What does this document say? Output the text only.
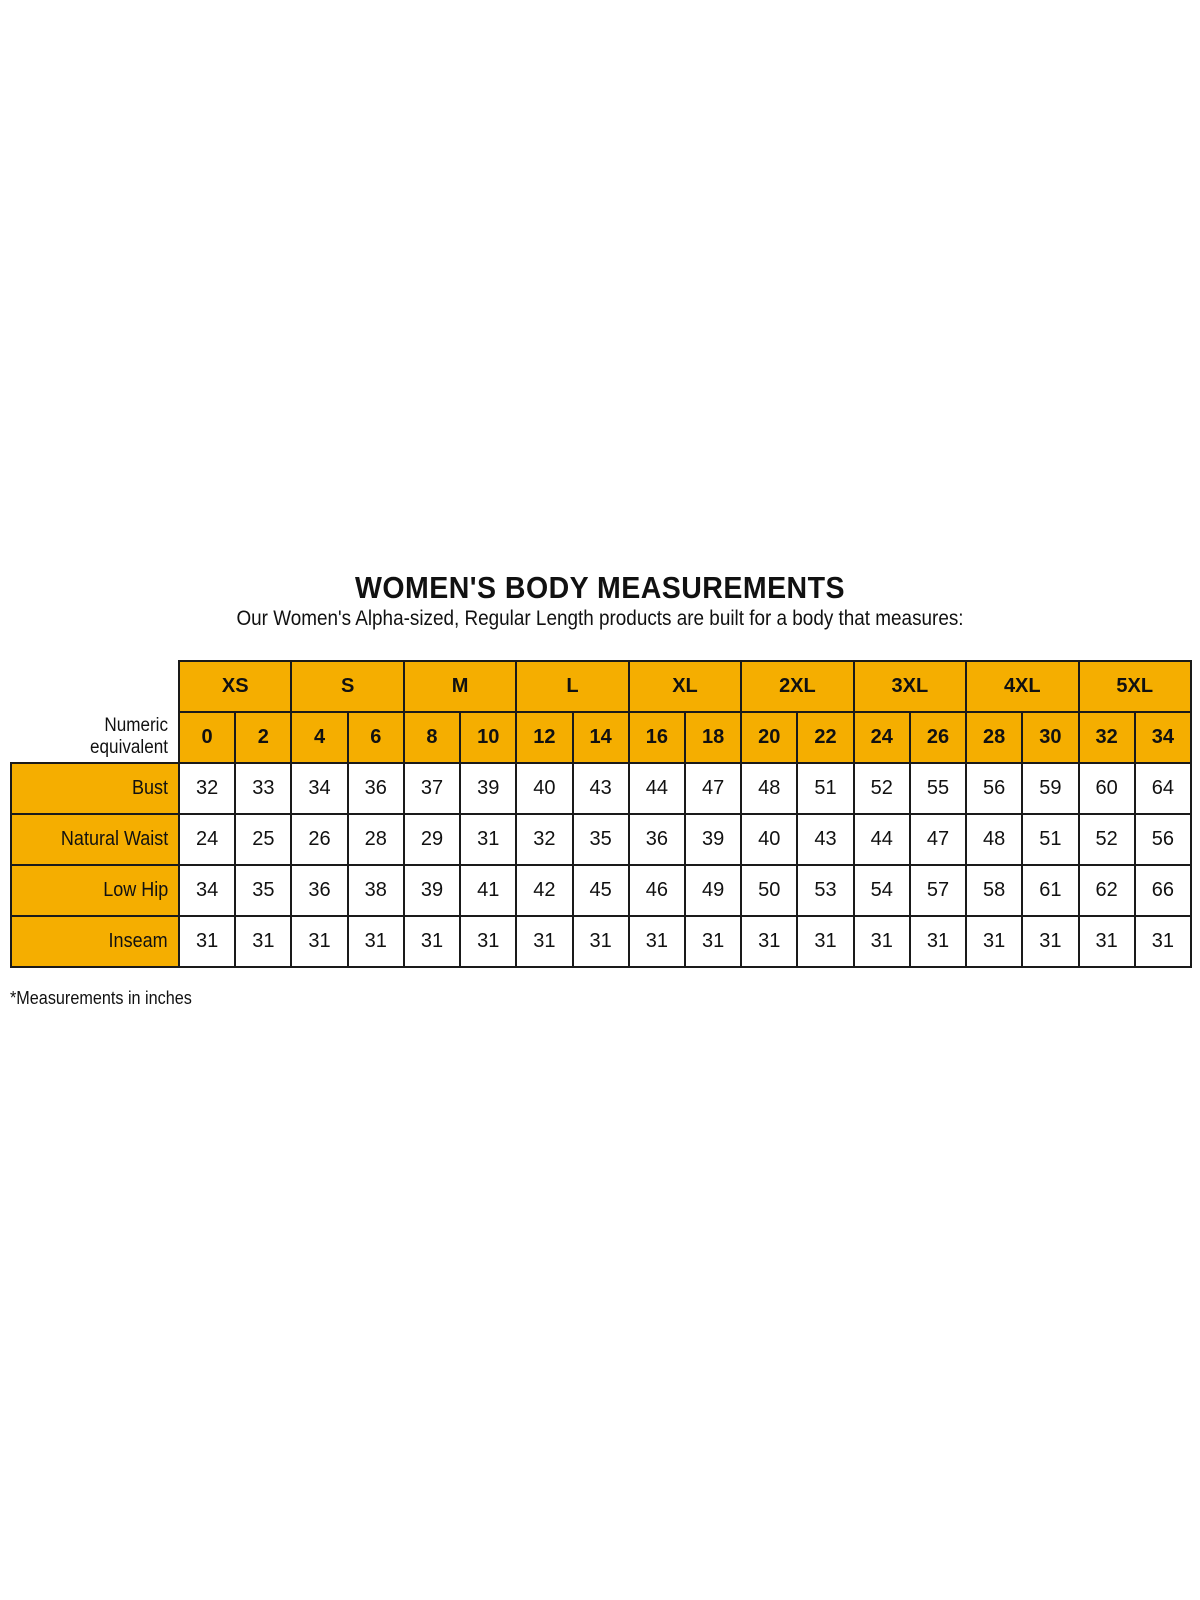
WOMEN'S BODY MEASUREMENTS

Our Women's Alpha-sized, Regular Length products are built for a body that measures:

	XS		S		M		L		XL		2XL		3XL		4XL		5XL	
Numeric equivalent	0	2	4	6	8	10	12	14	16	18	20	22	24	26	28	30	32	34
Bust	32	33	34	36	37	39	40	43	44	47	48	51	52	55	56	59	60	64
Natural Waist	24	25	26	28	29	31	32	35	36	39	40	43	44	47	48	51	52	56
Low Hip	34	35	36	38	39	41	42	45	46	49	50	53	54	57	58	61	62	66
Inseam	31	31	31	31	31	31	31	31	31	31	31	31	31	31	31	31	31	31

*Measurements in inches
